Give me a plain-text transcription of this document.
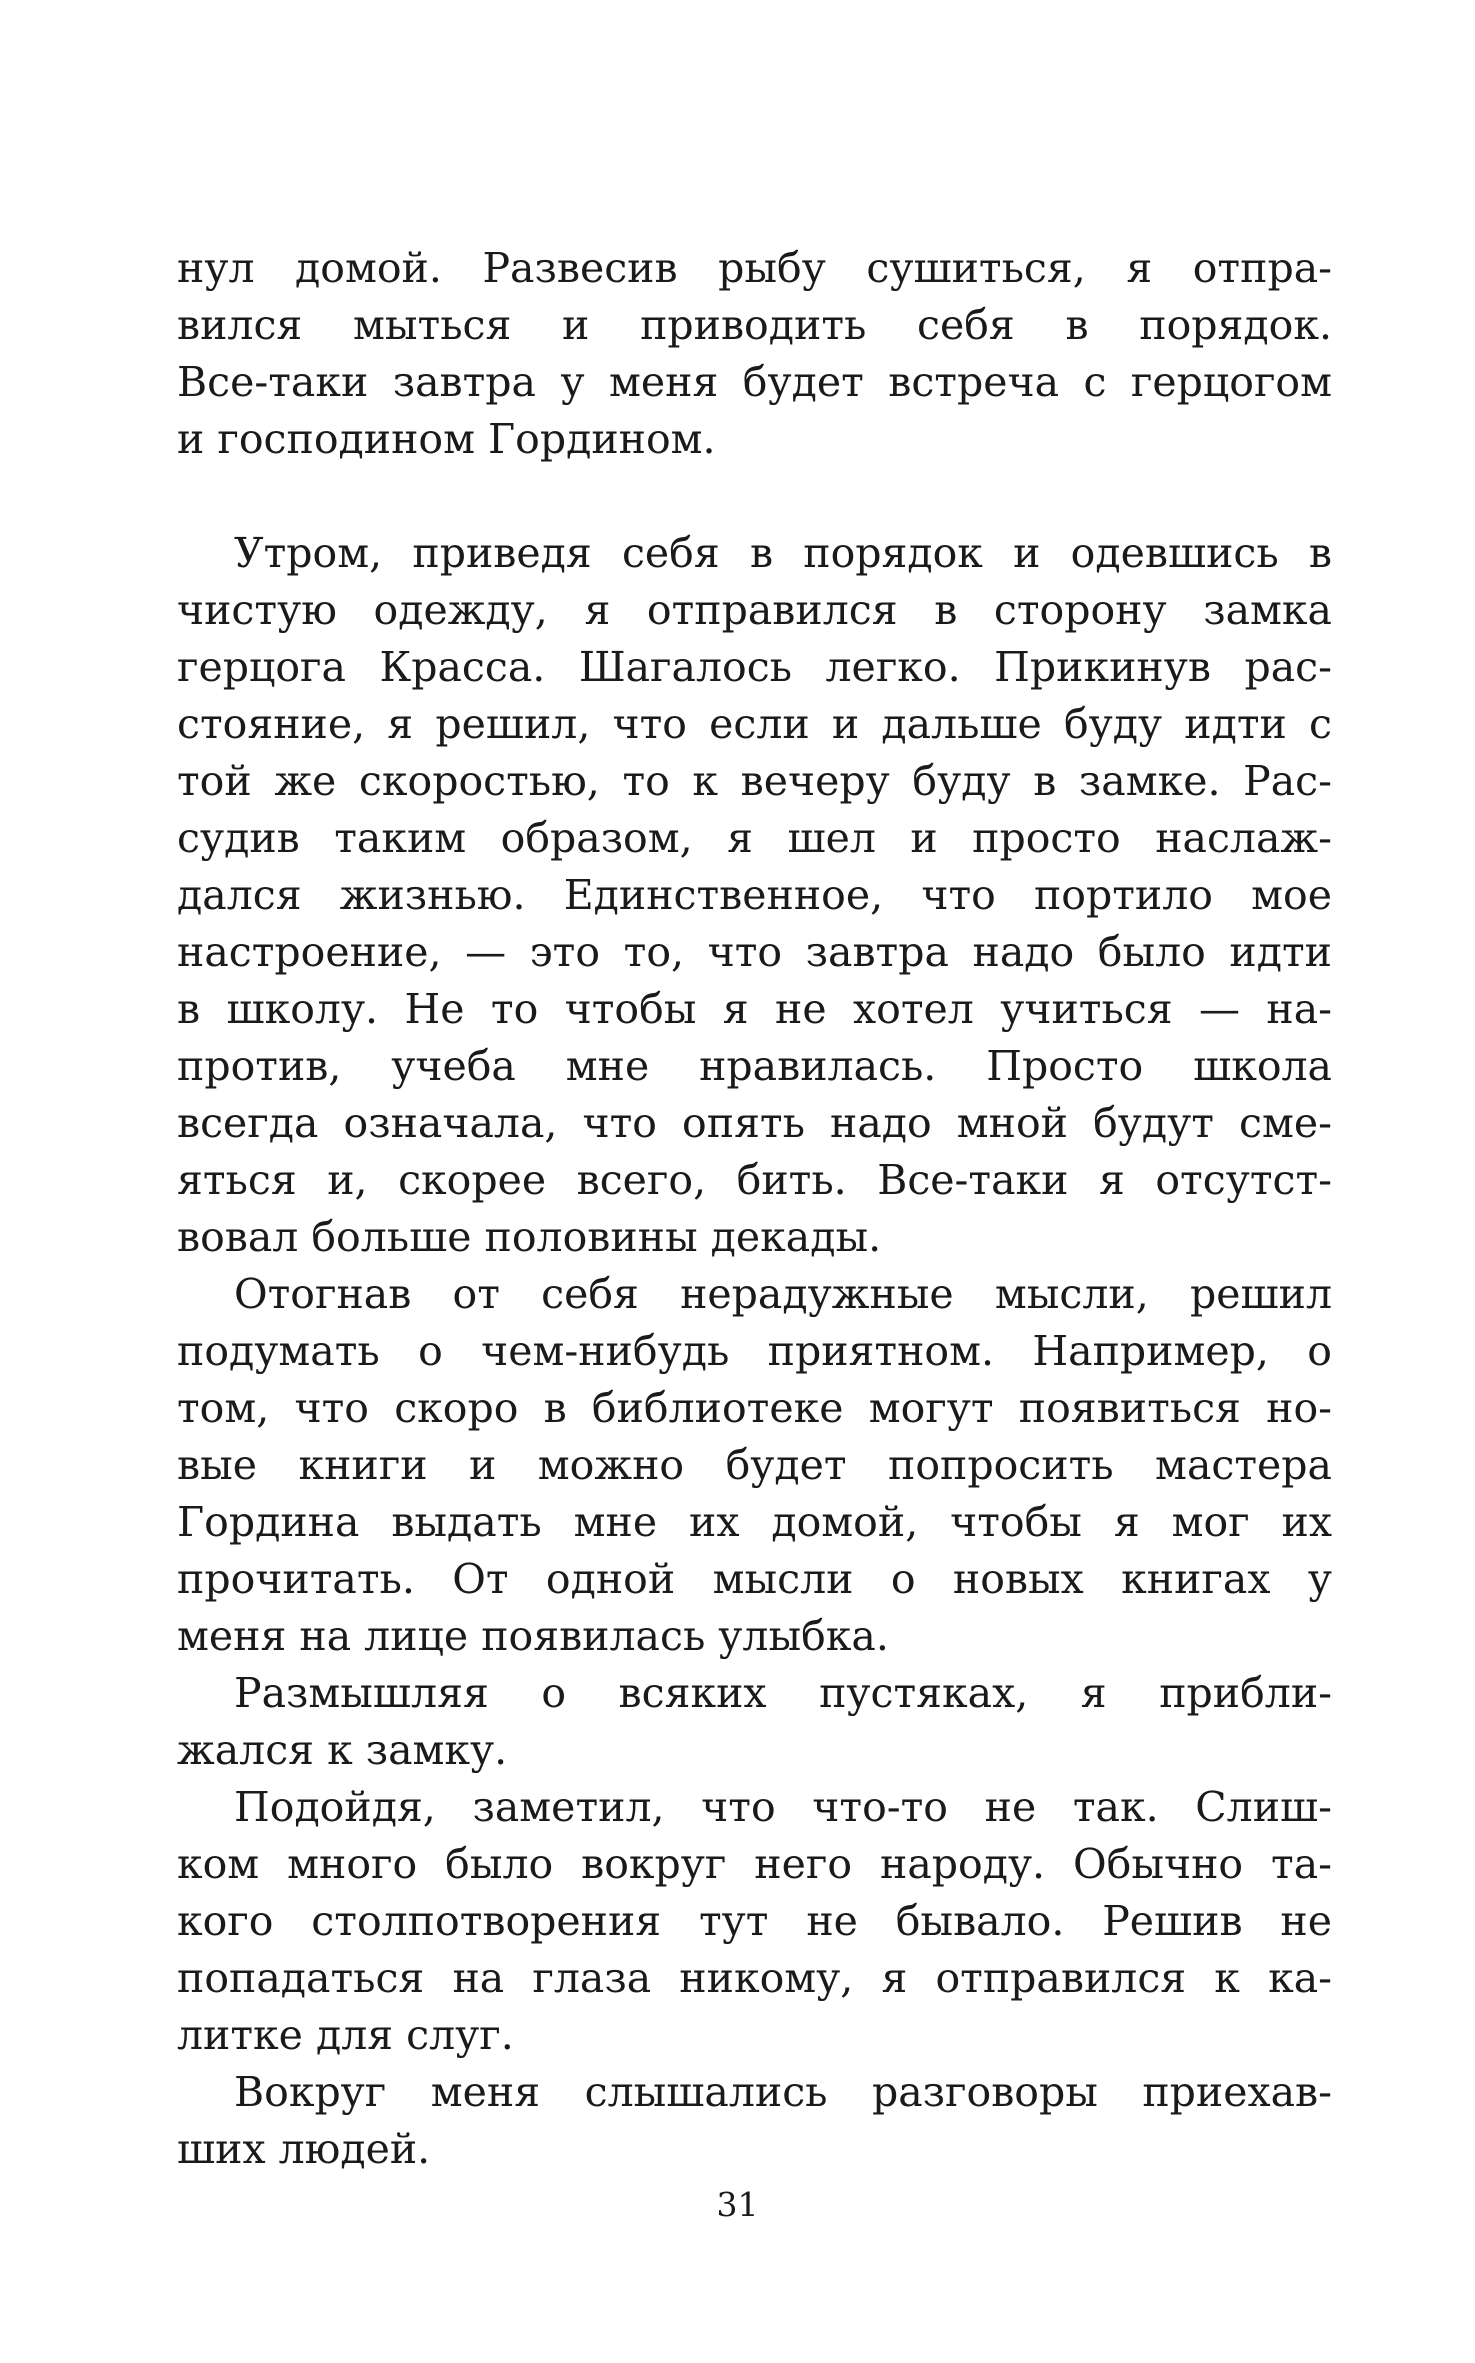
нул домой. Развесив рыбу сушиться, я отпра-
вился мыться и приводить себя в порядок.
Все-таки завтра у меня будет встреча с герцогом
и господином Гордином.
Утром, приведя себя в порядок и одевшись в
чистую одежду, я отправился в сторону замка
герцога Красса. Шагалось легко. Прикинув рас-
стояние, я решил, что если и дальше буду идти с
той же скоростью, то к вечеру буду в замке. Рас-
судив таким образом, я шел и просто наслаж-
дался жизнью. Единственное, что портило мое
настроение, — это то, что завтра надо было идти
в школу. Не то чтобы я не хотел учиться — на-
против, учеба мне нравилась. Просто школа
всегда означала, что опять надо мной будут сме-
яться и, скорее всего, бить. Все-таки я отсутст-
вовал больше половины декады.
Отогнав от себя нерадужные мысли, решил
подумать о чем-нибудь приятном. Например, о
том, что скоро в библиотеке могут появиться но-
вые книги и можно будет попросить мастера
Гордина выдать мне их домой, чтобы я мог их
прочитать. От одной мысли о новых книгах у
меня на лице появилась улыбка.
Размышляя о всяких пустяках, я прибли-
жался к замку.
Подойдя, заметил, что что-то не так. Слиш-
ком много было вокруг него народу. Обычно та-
кого столпотворения тут не бывало. Решив не
попадаться на глаза никому, я отправился к ка-
литке для слуг.
Вокруг меня слышались разговоры приехав-
ших людей.
31
